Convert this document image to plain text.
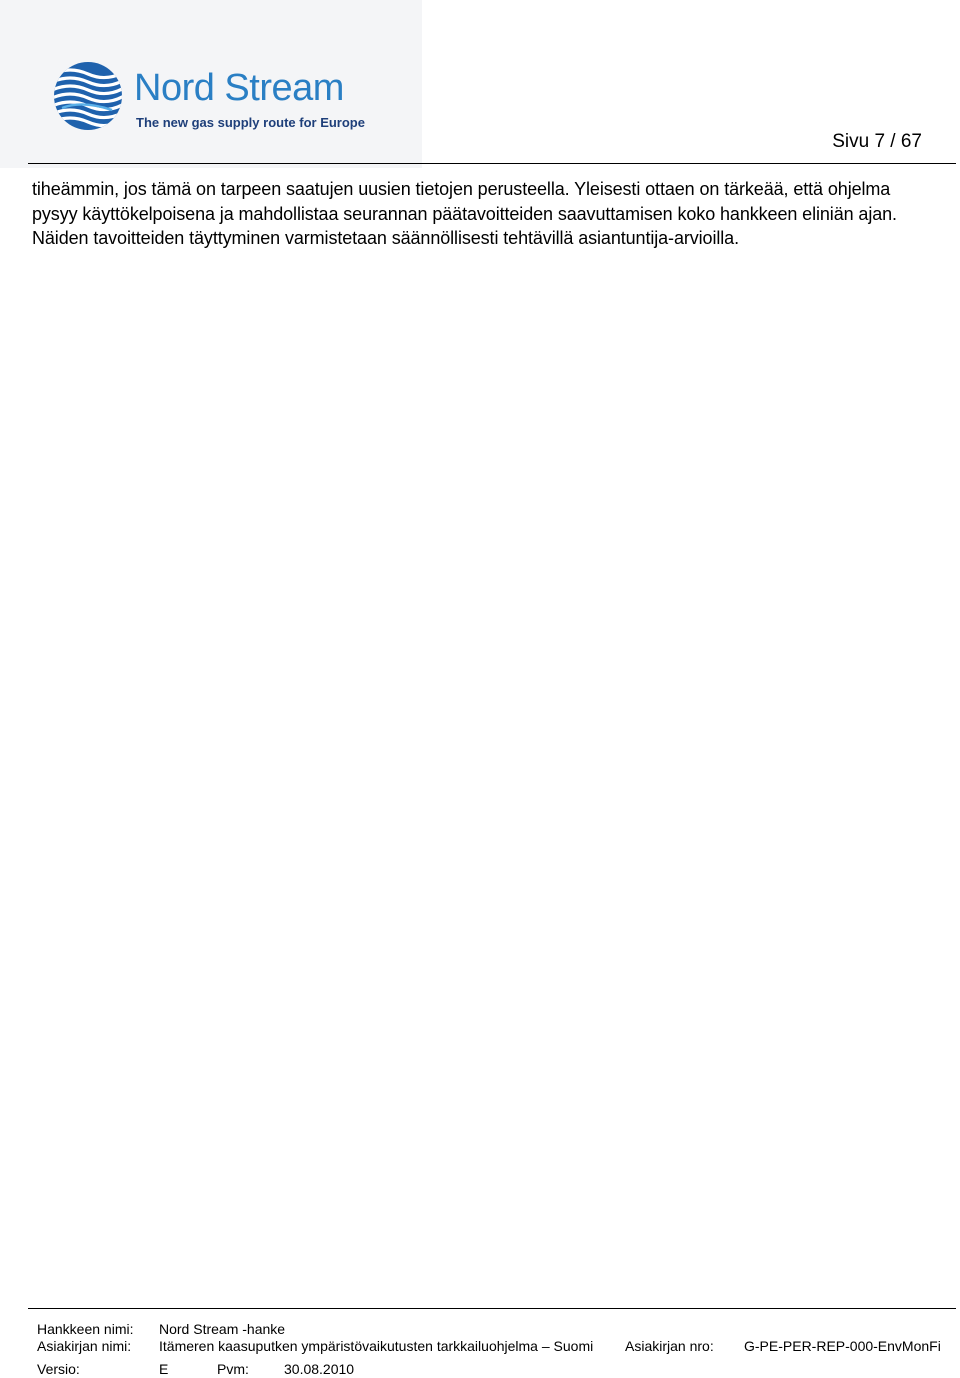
Nord Stream
The new gas supply route for Europe
Sivu 7 / 67

tiheämmin, jos tämä on tarpeen saatujen uusien tietojen perusteella. Yleisesti ottaen on tärkeää, että ohjelma pysyy käyttökelpoisena ja mahdollistaa seurannan päätavoitteiden saavuttamisen koko hankkeen eliniän ajan. Näiden tavoitteiden täyttyminen varmistetaan säännöllisesti tehtävillä asiantuntija-arvioilla.

Hankkeen nimi: Nord Stream -hanke
Asiakirjan nimi: Itämeren kaasuputken ympäristövaikutusten tarkkailuohjelma – Suomi Asiakirjan nro: G-PE-PER-REP-000-EnvMonFi
Versio:	E	Pvm:	30.08.2010
